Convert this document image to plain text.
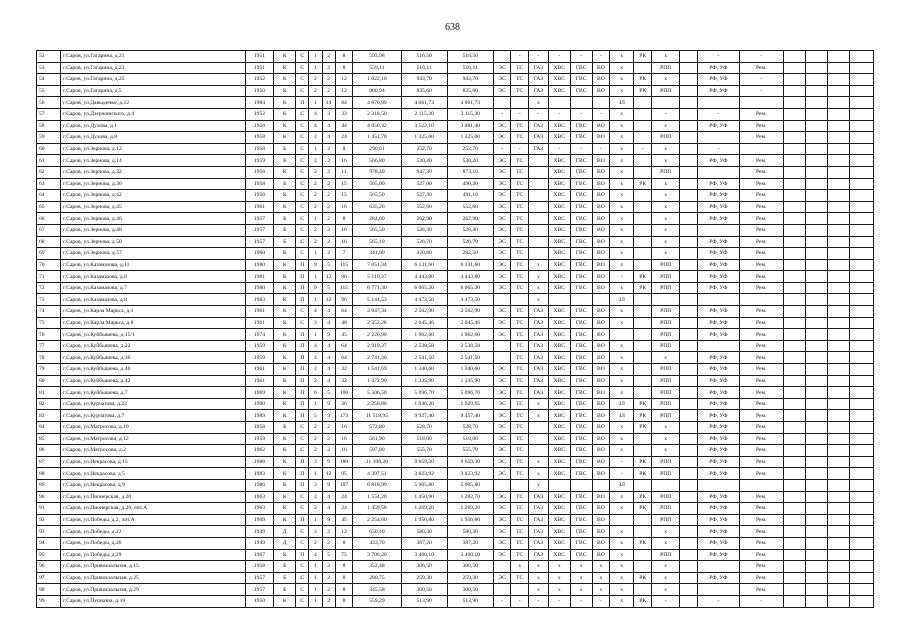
638
52	г.Саров, ул.Гагарина, д.21	1951	К	С	1	2	8	593,98	516,50	516,50		-	-	-	-	-	х	РК	х		-	-				
53	г.Саров, ул.Гагарина, д.23	1951	К	С	1	2	8	559,11	516,11	516,11	ЭС	ТС	ГАЗ	ХВС	ГВС	ВО	х		РПП		РФ, УФ	Рем.				
54	г.Саров, ул.Гагарина, д.25	1952	К	С	2	2	12	1 022,10	943,70	943,70	ЭС	ТС	ГАЗ	ХВС	ГВС	ВО	х	РК	х		РФ, УФ	-				
55	г.Саров, ул.Гагарина, д.5	1950	К	С	2	2	12	960,94	835,60	835,60	ЭС	ТС	ГАЗ	ХВС	ГВС	ВО	х	РК	РПП		РФ, УФ	-				
56	г.Саров, ул.Давыденко, д.12	1984	К	П	1	14	84	4 670,99	4 061,73	4 061,73			х				ЗЛ									
57	г.Саров, ул.Дзержинского, д.4	1952	К	С	4	3	33	2 318,50	2 115,30	2 115,30	-	-	-	-	-	-	х		-		-	Рем.				
58	г.Саров, ул.Духова, д.1	1956	К	С	4	4	44	4 050,42	3 522,10	3 081,40	ЭС	ТС	ГАЗ	ХВС	ГВС	ВО	х		х		РФ, УФ	Рем.				
59	г.Саров, ул.Духова, д.8	1958	К	С	2	4	24	1 451,70	1 325,00	1 325,00	ЭС	ТС	ГАЗ	ХВС	ГВС	ВО	х		РПП			Рем.				
60	г.Саров, ул.Зернова, д.12	1958	Б	С	1	2	8	290,61	252,70	252,70	-	-	ГАЗ	-	-	-	х	-	х		-					
61	г.Саров, ул.Зернова, д.14	1959	Б	С	2	2	16	566,80	530,20	530,20	ЭС	ТС		ХВС	ГВС	ВО	х		х		РФ, УФ	Рем.				
62	г.Саров, ул.Зернова, д.32	1956	К	С	2	2	11	978,40	947,30	873,10	ЭС	ТС		ХВС	ГВС	ВО	х		РПП			Рем.				
63	г.Саров, ул.Зернова, д.36	1958	Б	С	2	2	15	565,00	527,00	490,20	ЭС	ТС		ХВС	ГВС	ВО	х	РК	х		РФ, УФ	Рем.				
64	г.Саров, ул.Зернова, д.42	1956	К	С	2	2	15	565,50	527,30	491,10	ЭС	ТС		ХВС	ГВС	ВО	х		х		РФ, УФ	Рем.				
65	г.Саров, ул.Зернова, д.45	1961	К	С	2	2	16	635,26	552,60	552,60	ЭС	ТС		ХВС	ГВС	ВО	х		х		РФ, УФ	Рем.				
66	г.Саров, ул.Зернова, д.46	1957	Б	С	1	2	8	284,60	262,90	262,90	ЭС	ТС		ХВС	ГВС	ВО	х		х		РФ, УФ	Рем.				
67	г.Саров, ул.Зернова, д.48	1957	Б	С	2	2	16	565,50	528,30	528,30	ЭС	ТС		ХВС	ГВС	ВО	х		х			Рем.				
68	г.Саров, ул.Зернова, д.50	1957	Б	С	2	2	16	565,10	526,70	526,70	ЭС	ТС		ХВС	ГВС	ВО	х		х		РФ, УФ	Рем.				
69	г.Саров, ул.Зернова, д.57	1960	К	С	1	2	7	341,60	320,80	282,50	ЭС	ТС		ХВС	ГВС	ВО	х		х		РФ, УФ	Рем.				
70	г.Саров, ул.Казамазова, д.11	1980	К	П	9	5	115	7 051,34	6 131,60	6 131,60	ЭС	ТС	х	ХВС	ГВС	ВО	х		РПП		РФ, УФ	Рем.				
71	г.Саров, ул.Казамазова, д.6	1981	К	П	1	12	96	5 110,37	4 443,80	4 443,80	ЭС	ТС	х	ХВС	ГВС	ВО	-	РК	РПП		РФ, УФ	Рем.				
72	г.Саров, ул.Казамазова, д.7	1980	К	П	9	5	115	6 771,30	6 065,20	6 065,20	ЭС	ТС	х	ХВС	ГВС	ВО	х	РК	РПП		РФ, УФ	Рем.				
73	г.Саров, ул.Казамазова, д.8	1983	К	П	1	12	96	5 144,53	4 473,50	4 473,50			х				ЗЛ									
74	г.Саров, ул.Карла Маркса, д.1	1961	К	С	4	4	64	2 947,34	2 562,90	2 562,90	ЭС	ТС	ГАЗ	ХВС	ГВС	ВО	х		РПП		РФ, УФ	Рем.				
75	г.Саров, ул.Карла Маркса, д.8	1961	К	С	3	4	48	2 352,28	2 045,46	2 045,46	ЭС	ТС	ГАЗ	ХВС	ГВС	ВО	х		РПП		РФ, УФ	Рем.				
76	г.Саров, ул.Куйбышева, д.15/1	1974	К	П	1	9	45	2 226,90	1 962,60	1 962,60	ЭС	ТС	ГАЗ	ХВС	ГВС	ВО			РПП		РФ, УФ	Рем.				
77	г.Саров, ул.Куйбышева, д.22	1959	К	П	4	4	64	2 919,37	2 538,58	2 538,58		ТС	ГАЗ	ХВС	ГВС	ВО	х		РПП			Рем.				
78	г.Саров, ул.Куйбышева, д.36	1959	К	П	4	4	64	2 741,30	2 541,50	2 541,50		ТС	ГАЗ	ХВС	ГВС	ВО	х		х		РФ, УФ	Рем.				
79	г.Саров, ул.Куйбышева, д.40	1961	К	П	2	4	32	1 541,69	1 340,60	1 340,60	ЭС	ТС	ГАЗ	ХВС	ГВС	ВО	х		РПП		РФ, УФ	Рем.				
80	г.Саров, ул.Куйбышева, д.42	1961	К	П	2	4	32	1 472,90	1 335,90	1 335,90	ЭС	ТС	ГАЗ	ХВС	ГВС	ВО	х		РПП		РФ, УФ	Рем.				
81	г.Саров, ул.Куйбышева, д.7	1969	К	П	6	5	100	5 506,50	5 096,70	5 096,70	ЭС	ТС	ГАЗ	ХВС	ГВС	ВО	х		РПП		РФ, УФ	Рем.				
82	г.Саров, ул.Курчатова, д.22	1990	К	П	1	9	36	2 256,80	1 946,20	1 929,65	ЭС	ТС	х	ХВС	ГВС	ВО	ЗЛ	РК	РПП		РФ, УФ	Рем.				
83	г.Саров, ул.Курчатова, д.7	1989	К	П	5	9	173	11 518,95	9 927,40	9 457,40	ЭС	ТС	х	ХВС	ГВС	ВО	ЗЛ	РК	РПП		РФ, УФ	Рем.				
84	г.Саров, ул.Матросова, д.10	1958	Б	С	2	2	16	572,80	528,70	528,70	ЭС	ТС		ХВС	ГВС	ВО	х	РК	х		РФ, УФ	Рем.				
85	г.Саров, ул.Матросова, д.12	1959	К	С	2	2	16	561,90	518,00	518,00	ЭС	ТС		ХВС	ГВС	ВО	х		х		РФ, УФ	Рем.				
86	г.Саров, ул.Матросова, д.2	1962	К	С	2	2	16	597,80	555,70	555,70	ЭС	ТС		ХВС	ГВС	ВО	х		х		РФ, УФ	Рем.				
87	г.Саров, ул.Некрасова, д.15	1986	К	П	3	9	180	11 108,20	9 659,30	9 659,30	ЭС	ТС	х	ХВС	ГВС	ВО	-	РК	РПП		РФ, УФ	Рем.				
88	г.Саров, ул.Некрасова, д.5	1983	К	П	1	12	95	4 397,51	3 823,92	3 823,92	ЭС	ТС	х	ХВС	ГВС	ВО	-	РК	РПП		РФ, УФ	Рем.				
89	г.Саров, ул.Некрасова, д.9	1986	К	П	3	9	107	6 818,99	5 905,80	5 905,80			х				ЗЛ									
90	г.Саров, ул.Пионерская, д.20	1963	К	С	2	4	24	1 554,20	1 450,90	1 282,70	ЭС	ТС	ГАЗ	ХВС	ГВС	ВО	х	РК	РПП		РФ, УФ	Рем.				
91	г.Саров, ул.Пионерская, д.26, лит.А	1963	К	С	2	4	24	1 459,58	1 269,20	1 269,20	ЭС	ТС	ГАЗ	ХВС	ГВС	ВО	х	РК	РПП		РФ, УФ	Рем.				
92	г.Саров, ул.Победы, д.2, лит.А	1969	К	П	1	9	45	2 254,60	1 956,80	1 956,80	ЭС	ТС	ГАЗ	ХВС	ГВС	ВО			РПП		РФ, УФ	Рем.				
93	г.Саров, ул.Победы, д.22	1949	Д	С	3	2	12	650,40	580,30	580,30	ЭС	ТС	ГАЗ	ХВС	ГВС	ВО	х		х		РФ, УФ	Рем.				
94	г.Саров, ул.Победы, д.26	1949	Д	С	2	2	8	433,70	387,20	387,20	ЭС	ТС	ГАЗ	ХВС	ГВС	ВО	х	РК	х		РФ, УФ	Рем.				
95	г.Саров, ул.Победы, д.29	1967	К	П	4	5	75	3 706,20	3 460,10	3 460,10	ЭС	ТС	ГАЗ	ХВС	ГВС	ВО	х		РПП		РФ, УФ	Рем.				
96	г.Саров, ул.Привокзальная, д.15	1958	Б	С	1	2	8	352,48	306,50	306,50		х	х	х	х	х	х		х			Рем.				
97	г.Саров, ул.Привокзальная, д.25	1957	Б	С	1	2	8	280,75	259,30	259,30	ЭС	ТС	х	х	х	х	х	РК	х		РФ, УФ	Рем.				
98	г.Саров, ул.Привокзальная, д.29	1957	Б	С	1	2	8	345,58	300,50	300,50			х	х	х	х	х		х			Рем.				
99	г.Саров, ул.Пушкина, д.10	1950	К	С	1	2	8	559,29	513,90	513,90	-	-	-	-	-	-	х	РК	-		-	-				
